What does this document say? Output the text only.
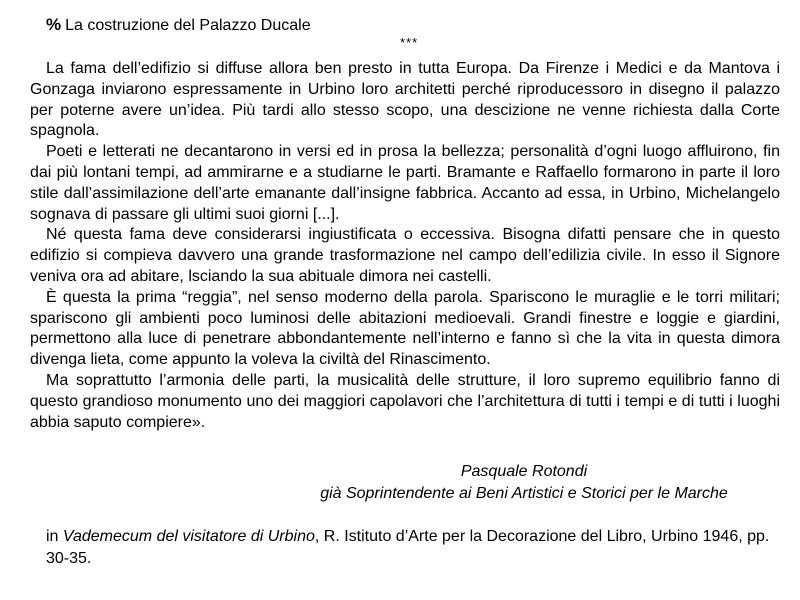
% La costruzione del Palazzo Ducale
***

La fama dell’edifizio si diffuse allora ben presto in tutta Europa. Da Firenze i Medici e da Mantova i Gonzaga inviarono espressamente in Urbino loro architetti perché riproducessoro in disegno il palazzo per poterne avere un’idea. Più tardi allo stesso scopo, una descizione ne venne richiesta dalla Corte spagnola.

Poeti e letterati ne decantarono in versi ed in prosa la bellezza; personalità d’ogni luogo affluirono, fin dai più lontani tempi, ad ammirarne e a studiarne le parti. Bramante e Raffaello formarono in parte il loro stile dall’assimilazione dell’arte emanante dall’insigne fabbrica. Accanto ad essa, in Urbino, Michelangelo sognava di passare gli ultimi suoi giorni [...].

Né questa fama deve considerarsi ingiustificata o eccessiva. Bisogna difatti pensare che in questo edifizio si compieva davvero una grande trasformazione nel campo dell’edilizia civile. In esso il Signore veniva ora ad abitare, lsciando la sua abituale dimora nei castelli.

È questa la prima “reggia”, nel senso moderno della parola. Spariscono le muraglie e le torri militari; spariscono gli ambienti poco luminosi delle abitazioni medioevali. Grandi finestre e loggie e giardini, permettono alla luce di penetrare abbondantemente nell’interno e fanno sì che la vita in questa dimora divenga lieta, come appunto la voleva la civiltà del Rinascimento.

Ma soprattutto l’armonia delle parti, la musicalità delle strutture, il loro supremo equilibrio fanno di questo grandioso monumento uno dei maggiori capolavori che l’architettura di tutti i tempi e di tutti i luoghi abbia saputo compiere».

Pasquale Rotondi
già Soprintendente ai Beni Artistici e Storici per le Marche
in Vademecum del visitatore di Urbino, R. Istituto d’Arte per la Decorazione del Libro, Urbino 1946, pp. 30-35.
